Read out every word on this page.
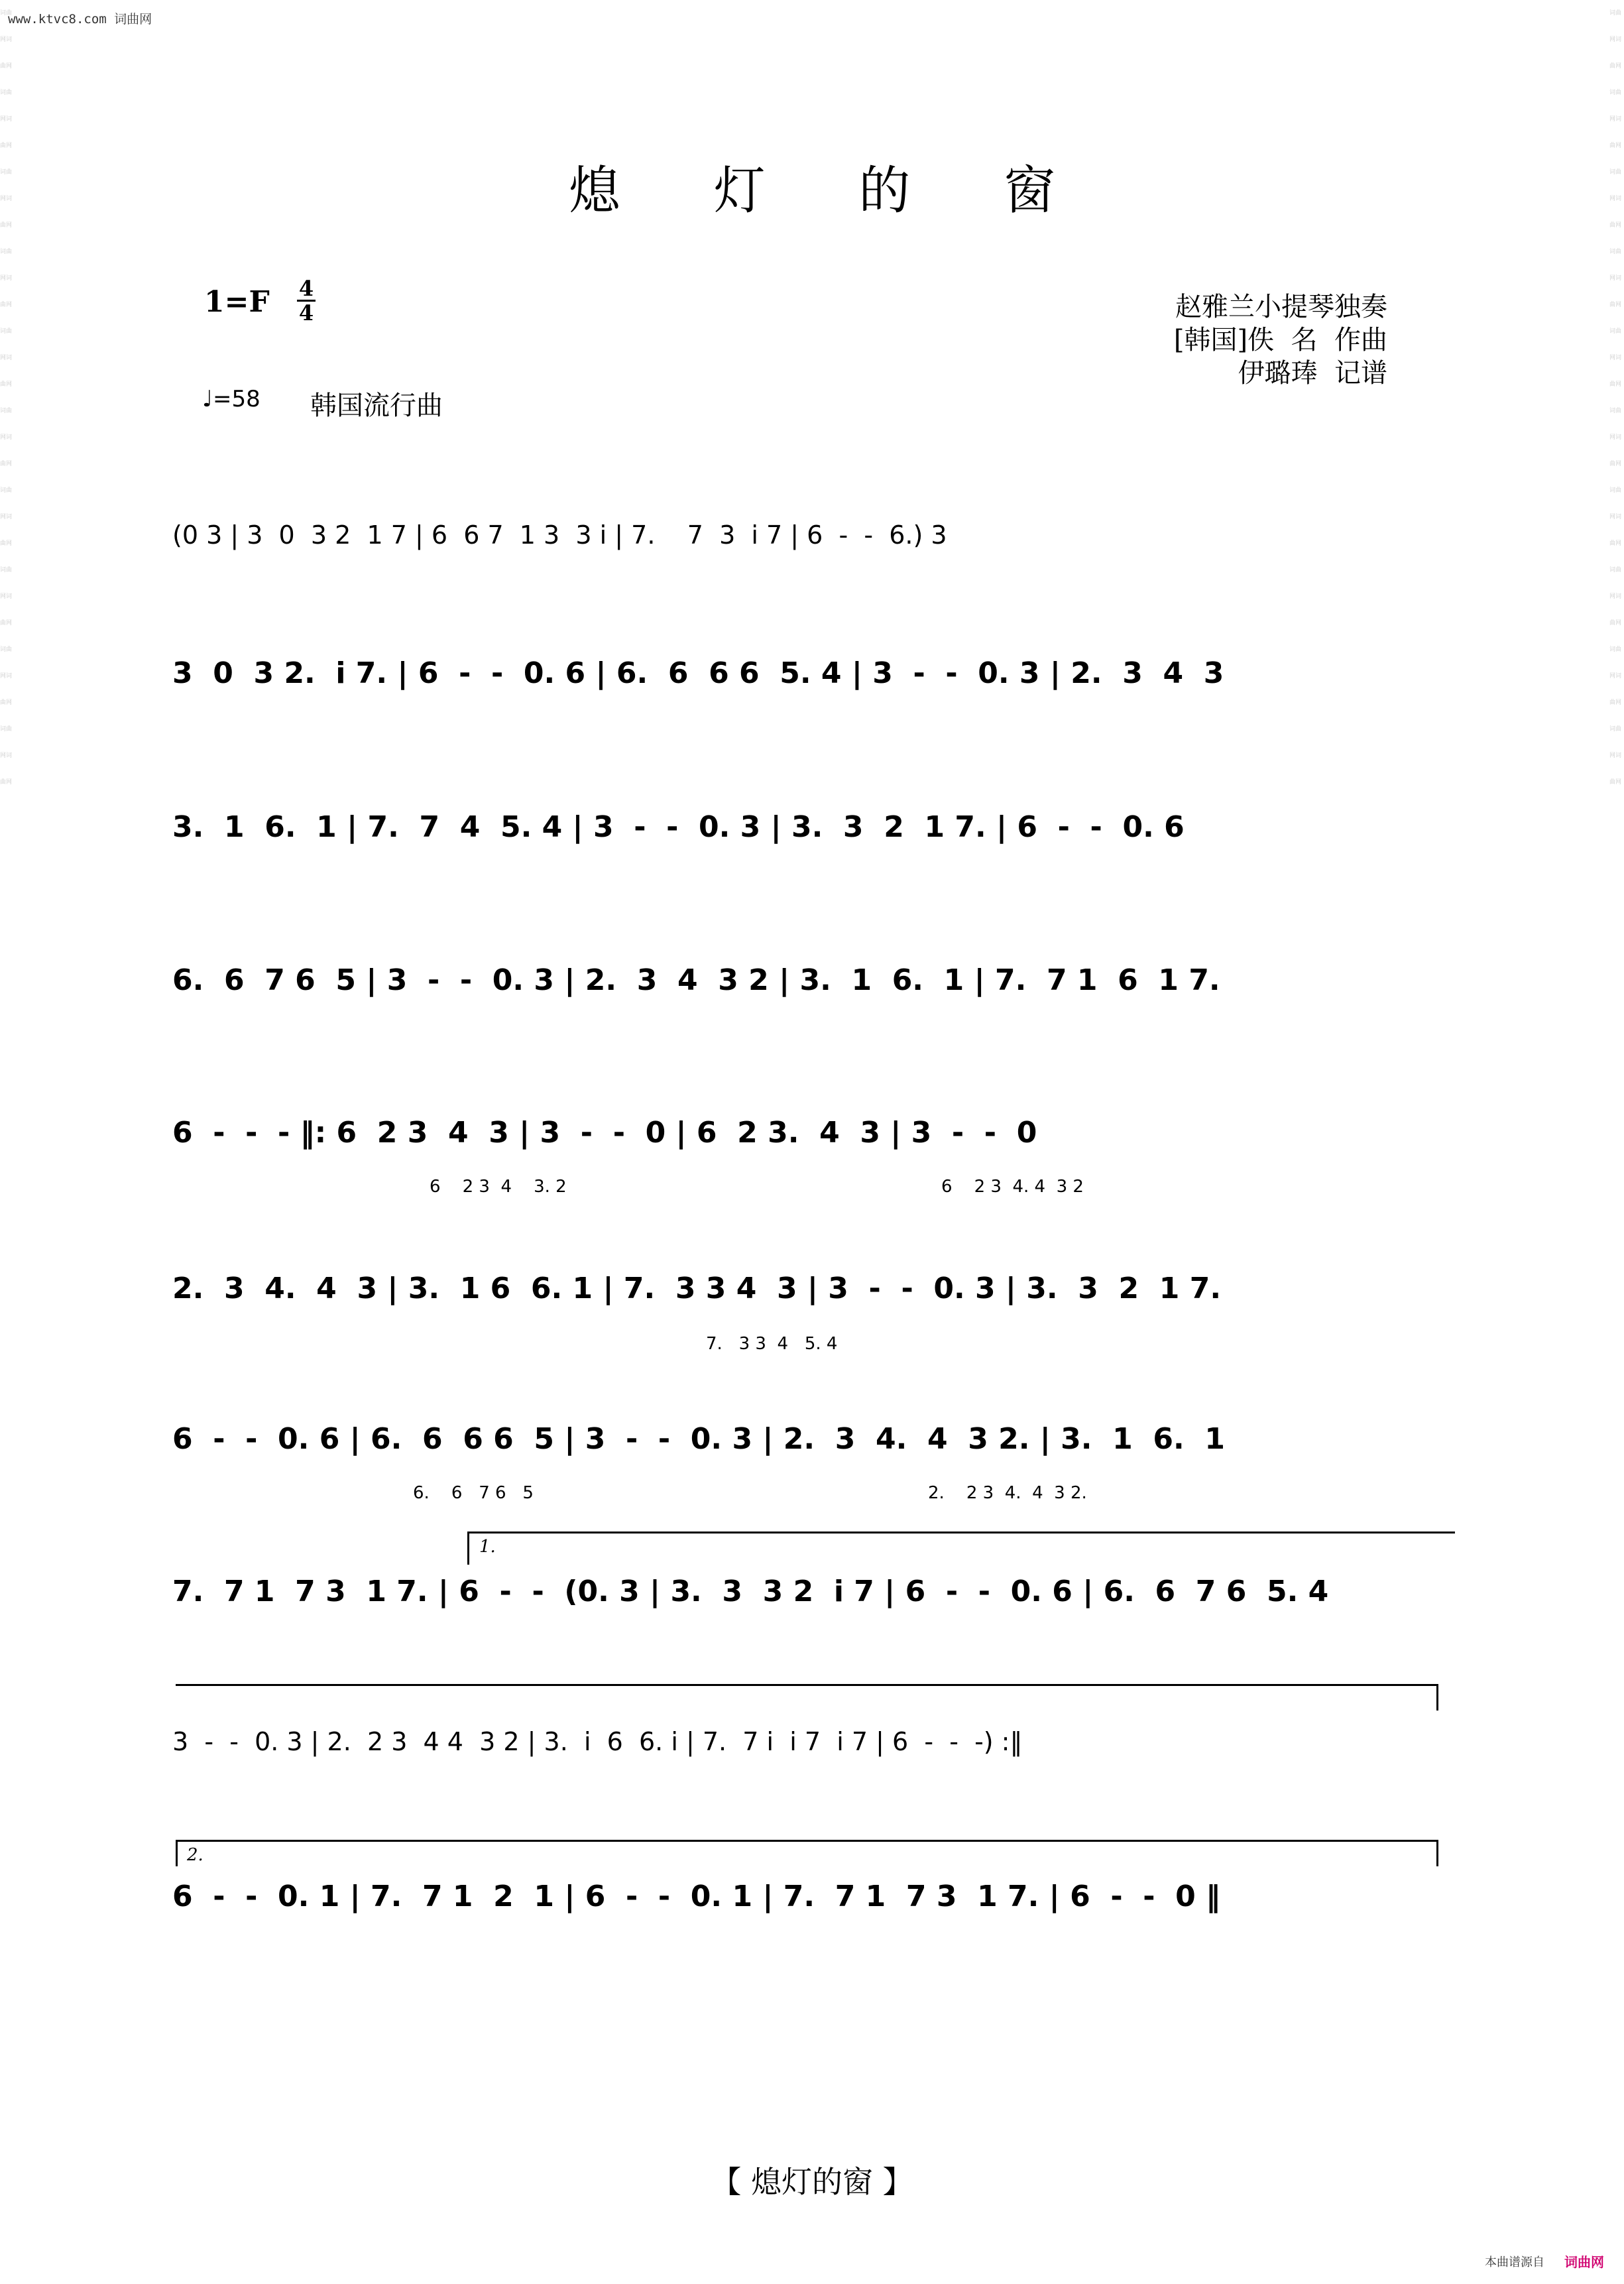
www.ktvc8.com 词曲网
词曲网词曲网词曲网词曲网词曲网词曲网词曲网词曲网词曲网词曲网词曲网词曲网词曲网词曲网词曲网词曲网词曲网词曲网词曲网词曲网
词曲网词曲网词曲网词曲网词曲网词曲网词曲网词曲网词曲网词曲网词曲网词曲网词曲网词曲网词曲网词曲网词曲网词曲网词曲网词曲网
熄 灯 的 窗
1=F 4
4
♩=58 韩国流行曲
赵雅兰小提琴独奏
[韩国]佚  名  作曲
伊璐琫  记谱
(0 3 | 3  0  3 2  1 7 | 6  6 7  1 3  3 i | 7.    7  3  i 7 | 6  -  -  6.) 3
3  0  3 2.  i 7. | 6  -  -  0. 6 | 6.  6  6 6  5. 4 | 3  -  -  0. 3 | 2.  3  4  3
3.  1  6.  1 | 7.  7  4  5. 4 | 3  -  -  0. 3 | 3.  3  2  1 7. | 6  -  -  0. 6
6.  6  7 6  5 | 3  -  -  0. 3 | 2.  3  4  3 2 | 3.  1  6.  1 | 7.  7 1  6  1 7.
6  -  -  - ‖: 6  2 3  4  3 | 3  -  -  0 | 6  2 3.  4  3 | 3  -  -  0
6    2 3  4    3. 2	6    2 3  4. 4  3 2
2.  3  4.  4  3 | 3.  1 6  6. 1 | 7.  3 3 4  3 | 3  -  -  0. 3 | 3.  3  2  1 7.
7.   3 3  4   5. 4
6  -  -  0. 6 | 6.  6  6 6  5 | 3  -  -  0. 3 | 2.  3  4.  4  3 2. | 3.  1  6.  1
6.    6   7 6   5	2.    2 3  4.  4  3 2.
1.
7.  7 1  7 3  1 7. | 6  -  -  (0. 3 | 3.  3  3 2  i 7 | 6  -  -  0. 6 | 6.  6  7 6  5. 4
3  -  -  0. 3 | 2.  2 3  4 4  3 2 | 3.  i  6  6. i | 7.  7 i  i 7  i 7 | 6  -  -  -) :‖
2.
6  -  -  0. 1 | 7.  7 1  2  1 | 6  -  -  0. 1 | 7.  7 1  7 3  1 7. | 6  -  -  0 ‖
【 熄灯的窗 】
本曲谱源自 词曲网
